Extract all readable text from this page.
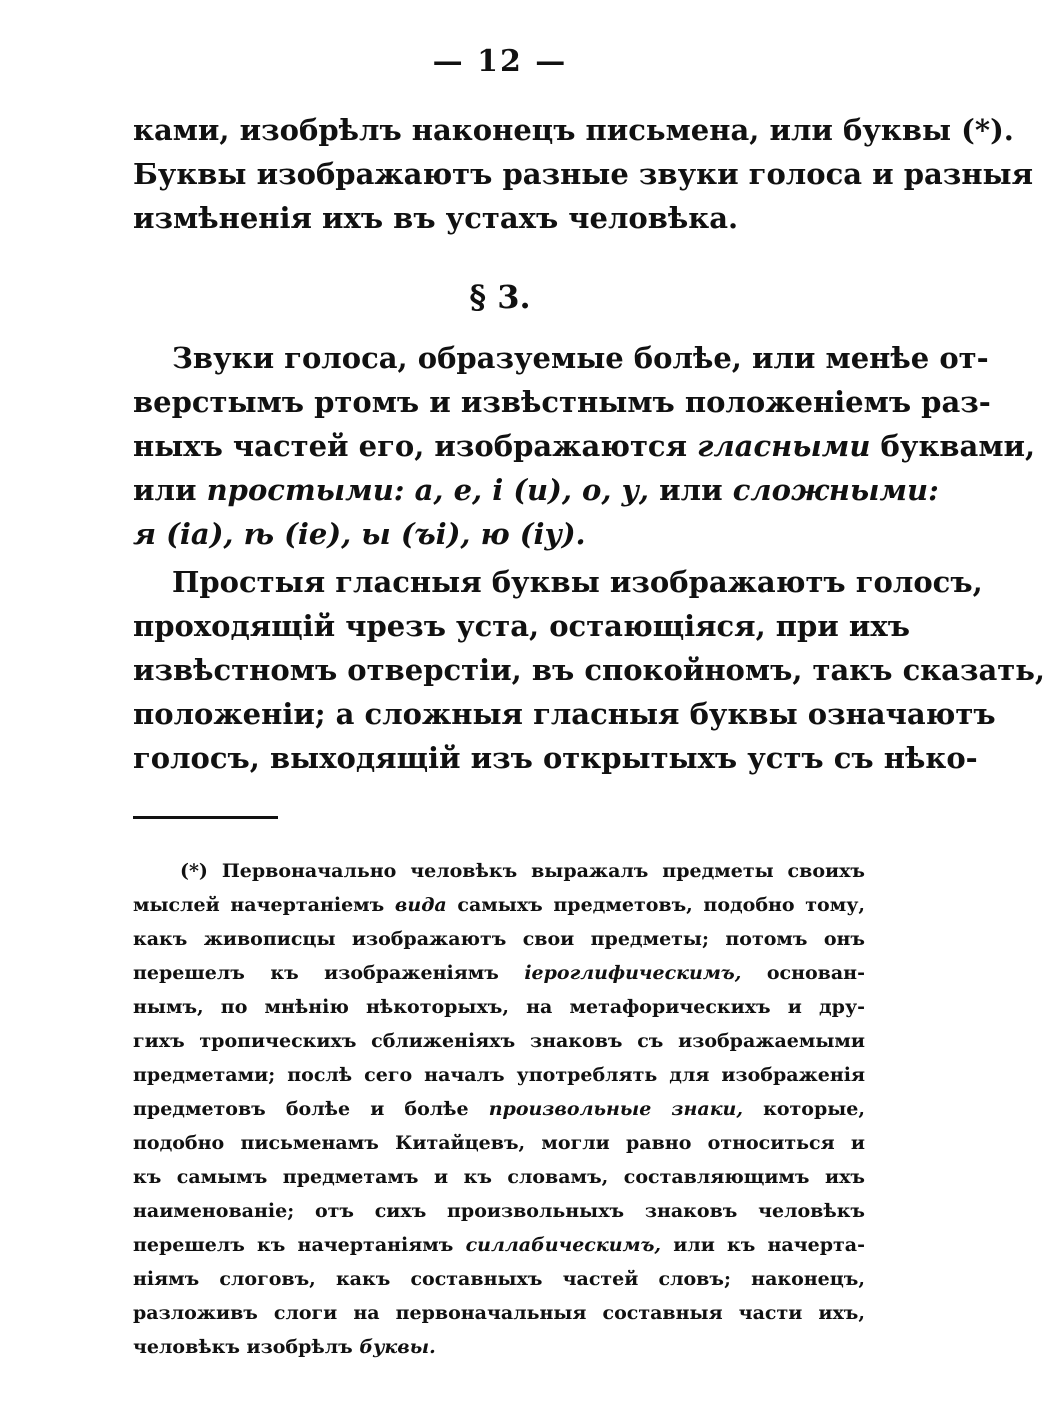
— 12 —
ками, изобрѣлъ наконецъ письмена, или буквы (*).
Буквы изображаютъ разные звуки голоса и разныя
измѣненія ихъ въ устахъ человѣка.
§ 3.
Звуки голоса, образуемые болѣе, или менѣе от-
верстымъ ртомъ и извѣстнымъ положеніемъ раз-
ныхъ частей его, изображаются гласными буквами,
или простыми: а, е, і (и), о, у, или сложными:
я (іа), ѣ (іе), ы (ъі), ю (іу).
Простыя гласныя буквы изображаютъ голосъ,
проходящій чрезъ уста, остающіяся, при ихъ
извѣстномъ отверстіи, въ спокойномъ, такъ сказать,
положеніи; а сложныя гласныя буквы означаютъ
голосъ, выходящій изъ открытыхъ устъ съ нѣко-
(*) Первоначально человѣкъ выражалъ предметы своихъ
мыслей начертаніемъ вида самыхъ предметовъ, подобно тому,
какъ живописцы изображаютъ свои предметы; потомъ онъ
перешелъ къ изображеніямъ іероглифическимъ, основан-
нымъ, по мнѣнію нѣкоторыхъ, на метафорическихъ и дру-
гихъ тропическихъ сближеніяхъ знаковъ съ изображаемыми
предметами; послѣ сего началъ употреблять для изображенія
предметовъ болѣе и болѣе произвольные знаки, которые,
подобно письменамъ Китайцевъ, могли равно относиться и
къ самымъ предметамъ и къ словамъ, составляющимъ ихъ
наименованіе; отъ сихъ произвольныхъ знаковъ человѣкъ
перешелъ къ начертаніямъ силлабическимъ, или къ начерта-
ніямъ слоговъ, какъ составныхъ частей словъ; наконецъ,
разложивъ слоги на первоначальныя составныя части ихъ,
человѣкъ изобрѣлъ буквы.
